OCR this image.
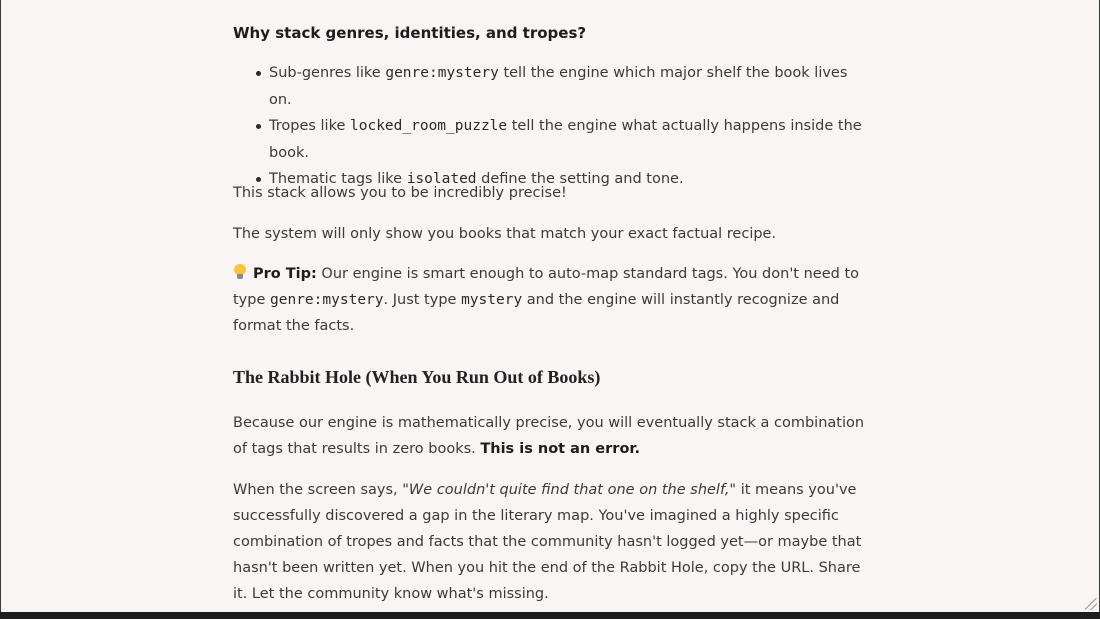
Why stack genres, identities, and tropes?
Sub-genres like genre:mystery tell the engine which major shelf the book lives on.
Tropes like locked_room_puzzle tell the engine what actually happens inside the book.
Thematic tags like isolated define the setting and tone.

This stack allows you to be incredibly precise!

The system will only show you books that match your exact factual recipe.

Pro Tip: Our engine is smart enough to auto-map standard tags. You don't need to type genre:mystery. Just type mystery and the engine will instantly recognize and format the facts.

The Rabbit Hole (When You Run Out of Books)

Because our engine is mathematically precise, you will eventually stack a combination of tags that results in zero books. This is not an error.

When the screen says, "We couldn't quite find that one on the shelf," it means you've successfully discovered a gap in the literary map. You've imagined a highly specific combination of tropes and facts that the community hasn't logged yet—or maybe that hasn't been written yet. When you hit the end of the Rabbit Hole, copy the URL. Share it. Let the community know what's missing.
